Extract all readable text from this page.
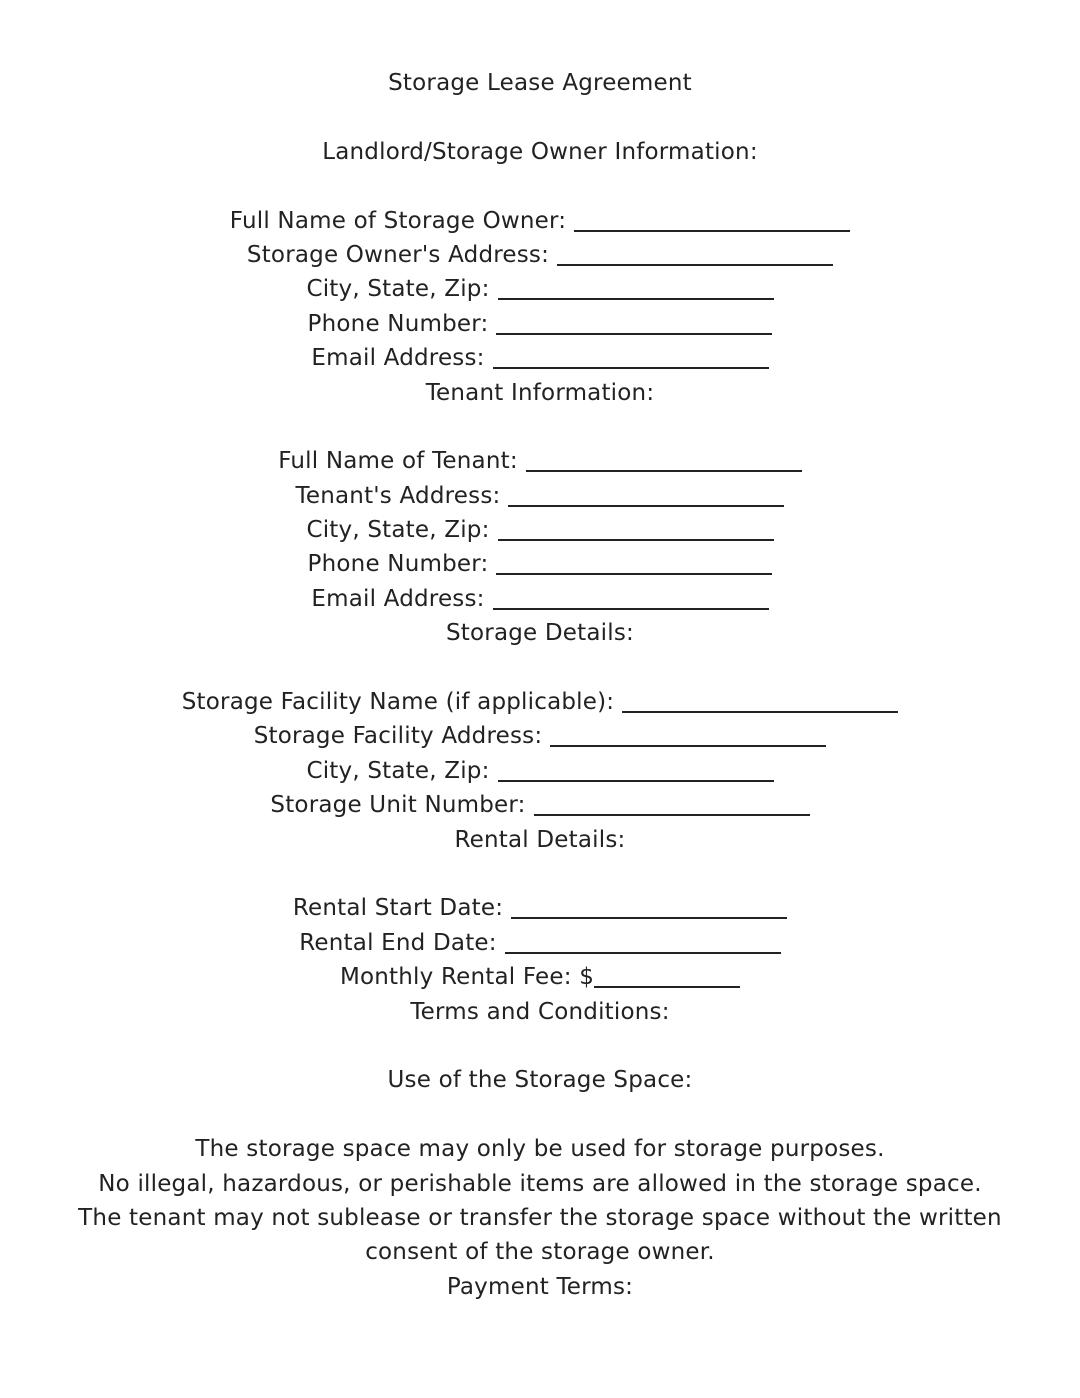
Storage Lease Agreement
Landlord/Storage Owner Information:
Full Name of Storage Owner:
Storage Owner's Address:
City, State, Zip:
Phone Number:
Email Address:
Tenant Information:
Full Name of Tenant:
Tenant's Address:
City, State, Zip:
Phone Number:
Email Address:
Storage Details:
Storage Facility Name (if applicable):
Storage Facility Address:
City, State, Zip:
Storage Unit Number:
Rental Details:
Rental Start Date:
Rental End Date:
Monthly Rental Fee: $
Terms and Conditions:
Use of the Storage Space:
The storage space may only be used for storage purposes.
No illegal, hazardous, or perishable items are allowed in the storage space.
The tenant may not sublease or transfer the storage space without the written
consent of the storage owner.
Payment Terms:
